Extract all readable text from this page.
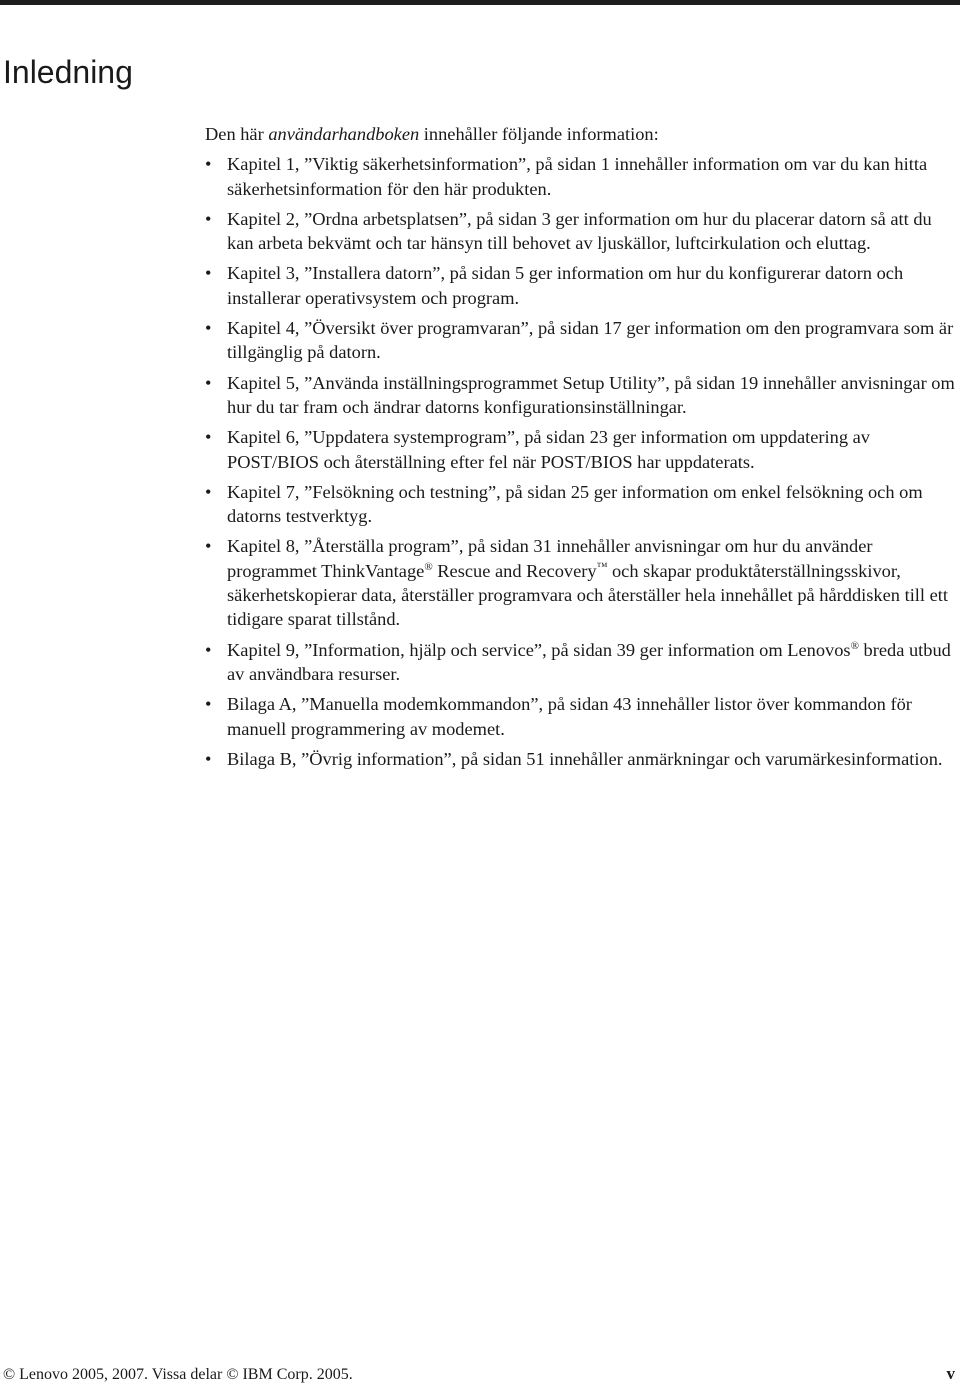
Inledning

Den här användarhandboken innehåller följande information:

• Kapitel 1, ”Viktig säkerhetsinformation”, på sidan 1 innehåller information om var du kan hitta säkerhetsinformation för den här produkten.
• Kapitel 2, ”Ordna arbetsplatsen”, på sidan 3 ger information om hur du placerar datorn så att du kan arbeta bekvämt och tar hänsyn till behovet av ljuskällor, luftcirkulation och eluttag.
• Kapitel 3, ”Installera datorn”, på sidan 5 ger information om hur du konfigurerar datorn och installerar operativsystem och program.
• Kapitel 4, ”Översikt över programvaran”, på sidan 17 ger information om den programvara som är tillgänglig på datorn.
• Kapitel 5, ”Använda inställningsprogrammet Setup Utility”, på sidan 19 innehåller anvisningar om hur du tar fram och ändrar datorns konfigurationsinställningar.
• Kapitel 6, ”Uppdatera systemprogram”, på sidan 23 ger information om uppdatering av POST/BIOS och återställning efter fel när POST/BIOS har uppdaterats.
• Kapitel 7, ”Felsökning och testning”, på sidan 25 ger information om enkel felsökning och om datorns testverktyg.
• Kapitel 8, ”Återställa program”, på sidan 31 innehåller anvisningar om hur du använder programmet ThinkVantage® Rescue and Recovery™ och skapar produktåterställningsskivor, säkerhetskopierar data, återställer programvara och återställer hela innehållet på hårddisken till ett tidigare sparat tillstånd.
• Kapitel 9, ”Information, hjälp och service”, på sidan 39 ger information om Lenovos® breda utbud av användbara resurser.
• Bilaga A, ”Manuella modemkommandon”, på sidan 43 innehåller listor över kommandon för manuell programmering av modemet.
• Bilaga B, ”Övrig information”, på sidan 51 innehåller anmärkningar och varumärkesinformation.
© Lenovo 2005, 2007. Vissa delar © IBM Corp. 2005.	v
